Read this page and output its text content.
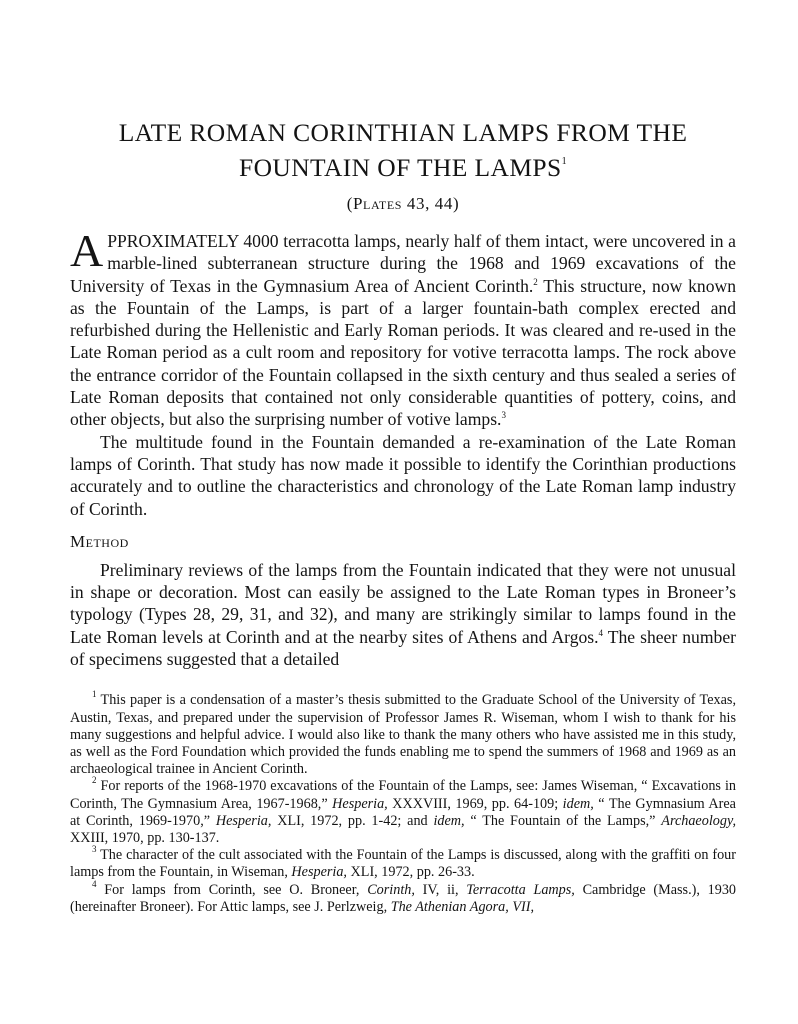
LATE ROMAN CORINTHIAN LAMPS FROM THE
FOUNTAIN OF THE LAMPS$^1$
(Plates 43, 44)

APPROXIMATELY 4000 terracotta lamps, nearly half of them intact, were uncovered in a marble-lined subterranean structure during the 1968 and 1969 excavations of the University of Texas in the Gymnasium Area of Ancient Corinth.$^2$ This structure, now known as the Fountain of the Lamps, is part of a larger fountain-bath complex erected and refurbished during the Hellenistic and Early Roman periods. It was cleared and re-used in the Late Roman period as a cult room and repository for votive terracotta lamps. The rock above the entrance corridor of the Fountain collapsed in the sixth century and thus sealed a series of Late Roman deposits that contained not only considerable quantities of pottery, coins, and other objects, but also the surprising number of votive lamps.$^3$

The multitude found in the Fountain demanded a re-examination of the Late Roman lamps of Corinth. That study has now made it possible to identify the Corinthian productions accurately and to outline the characteristics and chronology of the Late Roman lamp industry of Corinth.

Method

Preliminary reviews of the lamps from the Fountain indicated that they were not unusual in shape or decoration. Most can easily be assigned to the Late Roman types in Broneer’s typology (Types 28, 29, 31, and 32), and many are strikingly similar to lamps found in the Late Roman levels at Corinth and at the nearby sites of Athens and Argos.$^4$ The sheer number of specimens suggested that a detailed

$^1$ This paper is a condensation of a master’s thesis submitted to the Graduate School of the University of Texas, Austin, Texas, and prepared under the supervision of Professor James R. Wiseman, whom I wish to thank for his many suggestions and helpful advice. I would also like to thank the many others who have assisted me in this study, as well as the Ford Foundation which provided the funds enabling me to spend the summers of 1968 and 1969 as an archaeological trainee in Ancient Corinth.

$^2$ For reports of the 1968-1970 excavations of the Fountain of the Lamps, see: James Wiseman, “ Excavations in Corinth, The Gymnasium Area, 1967-1968,” Hesperia, XXXVIII, 1969, pp. 64-109; idem, “ The Gymnasium Area at Corinth, 1969-1970,” Hesperia, XLI, 1972, pp. 1-42; and idem, “ The Fountain of the Lamps,” Archaeology, XXIII, 1970, pp. 130-137.

$^3$ The character of the cult associated with the Fountain of the Lamps is discussed, along with the graffiti on four lamps from the Fountain, in Wiseman, Hesperia, XLI, 1972, pp. 26-33.

$^4$ For lamps from Corinth, see O. Broneer, Corinth, IV, ii, Terracotta Lamps, Cambridge (Mass.), 1930 (hereinafter Broneer). For Attic lamps, see J. Perlzweig, The Athenian Agora, VII,
